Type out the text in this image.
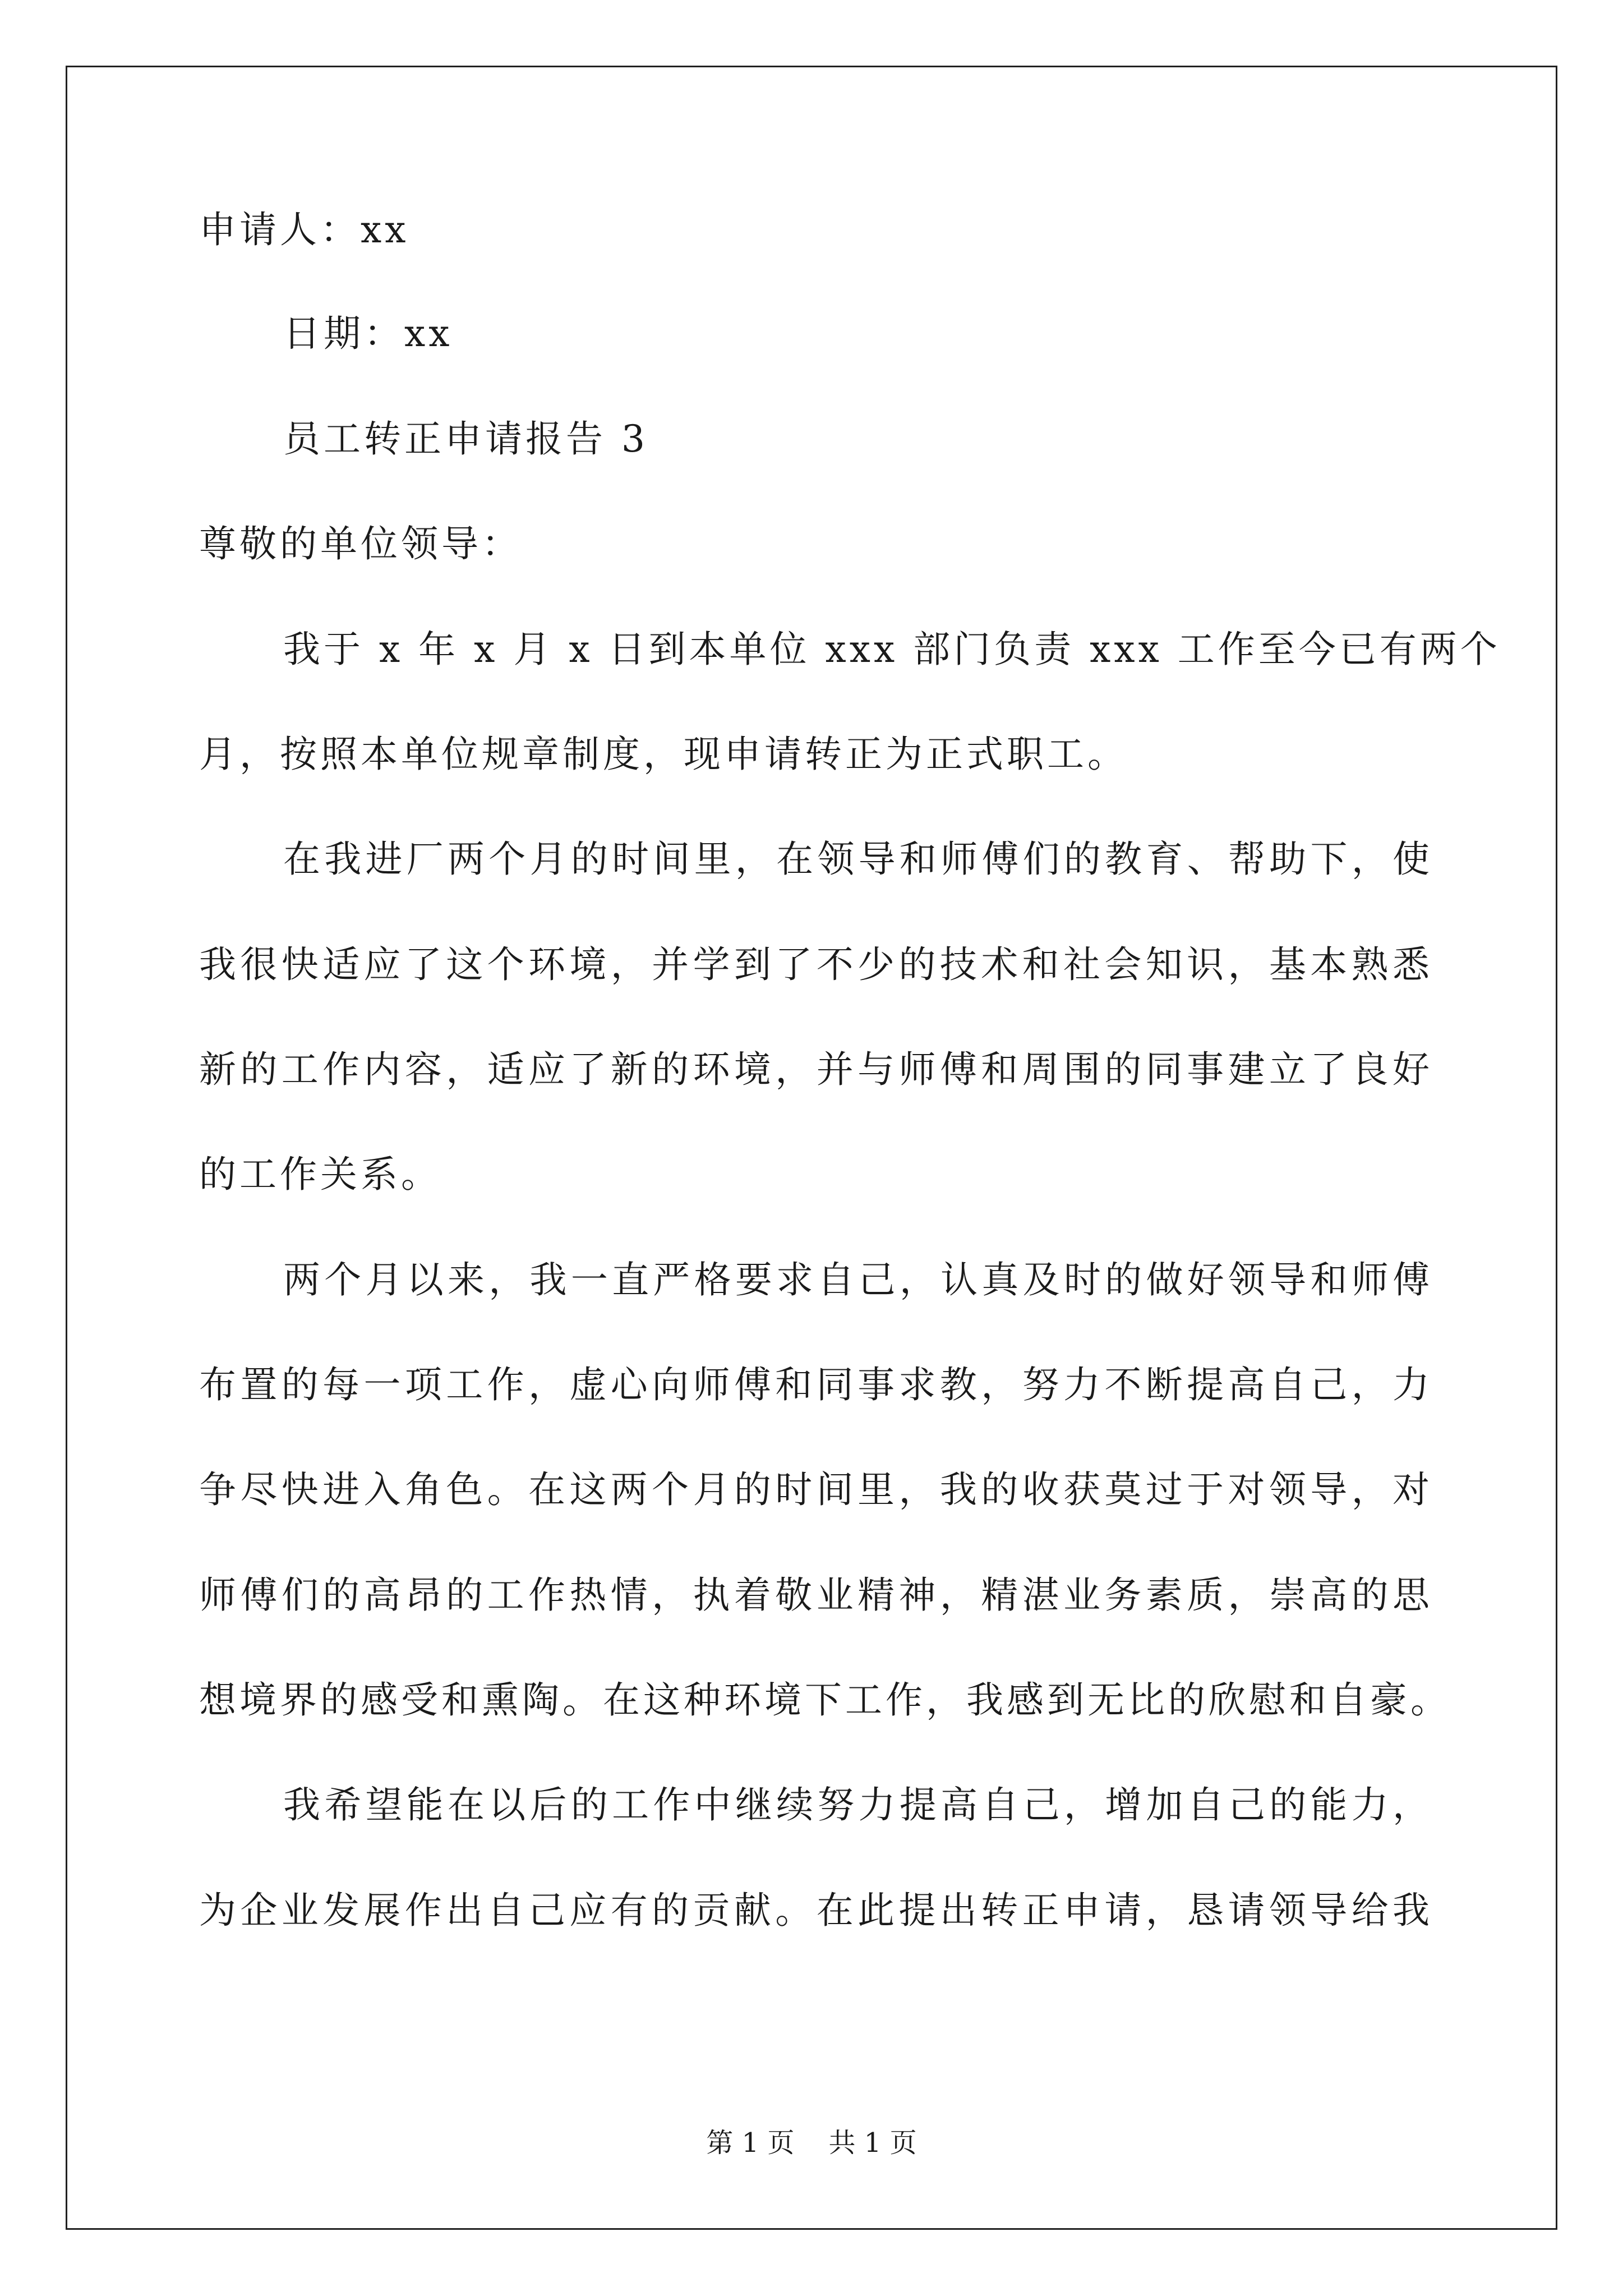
申请人：xx
日期：xx
员工转正申请报告 3
尊敬的单位领导：
我于 x 年 x 月 x 日到本单位 xxx 部门负责 xxx 工作至今已有两个
月，按照本单位规章制度，现申请转正为正式职工。
在我进厂两个月的时间里，在领导和师傅们的教育、帮助下，使
我很快适应了这个环境，并学到了不少的技术和社会知识，基本熟悉
新的工作内容，适应了新的环境，并与师傅和周围的同事建立了良好
的工作关系。
两个月以来，我一直严格要求自己，认真及时的做好领导和师傅
布置的每一项工作，虚心向师傅和同事求教，努力不断提高自己，力
争尽快进入角色。在这两个月的时间里，我的收获莫过于对领导，对
师傅们的高昂的工作热情，执着敬业精神，精湛业务素质，崇高的思
想境界的感受和熏陶。在这种环境下工作，我感到无比的欣慰和自豪。
我希望能在以后的工作中继续努力提高自己，增加自己的能力，
为企业发展作出自己应有的贡献。在此提出转正申请，恳请领导给我
第 1 页    共 1 页
